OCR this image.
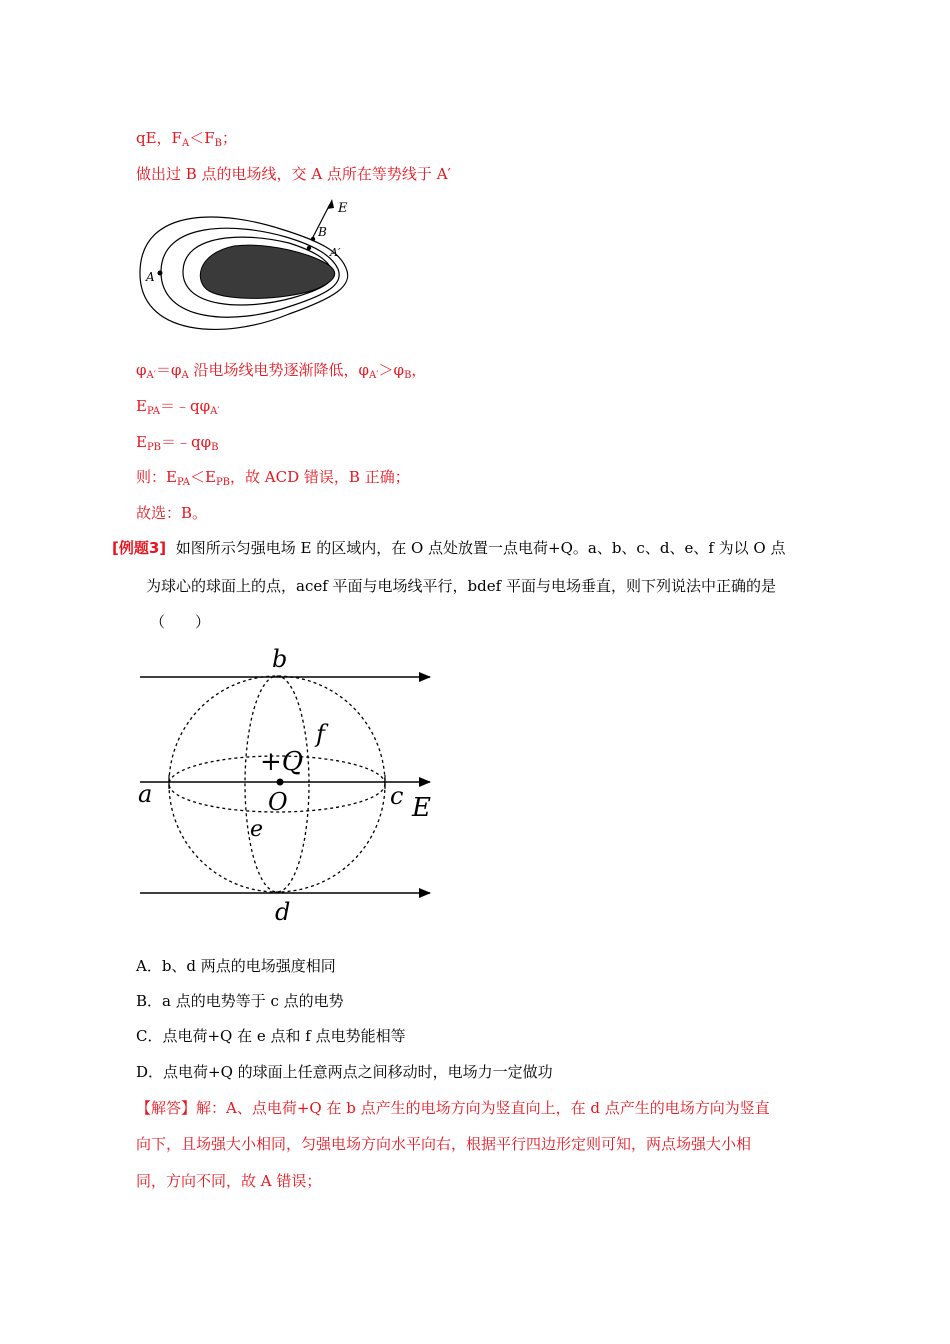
qE，$F_A<F_B$；
做出过 B 点的电场线，交 A 点所在等势线于 A′
E
B
A′
A
$\varphi_{A'}=\varphi_A$ 沿电场线电势逐渐降低，$\varphi_{A'}>\varphi_B$，
$E_{PA}=﹣q\varphi_{A'}$
$E_{PB}=﹣q\varphi_B$
则：$E_{PA}<E_{PB}$，故 ACD 错误，B 正确；
故选：B。
[例题3] 如图所示匀强电场 E 的区域内，在 O 点处放置一点电荷+Q。a、b、c、d、e、f 为以 O 点
为球心的球面上的点，acef 平面与电场线平行，bdef 平面与电场垂直，则下列说法中正确的是
（　　）
b
f
+Q
a	O	c E
e
d
A．b、d 两点的电场强度相同
B．a 点的电势等于 c 点的电势
C．点电荷+Q 在 e 点和 f 点电势能相等
D．点电荷+Q 的球面上任意两点之间移动时，电场力一定做功
【解答】解：A、点电荷+Q 在 b 点产生的电场方向为竖直向上，在 d 点产生的电场方向为竖直
向下，且场强大小相同，匀强电场方向水平向右，根据平行四边形定则可知，两点场强大小相
同，方向不同，故 A 错误；
